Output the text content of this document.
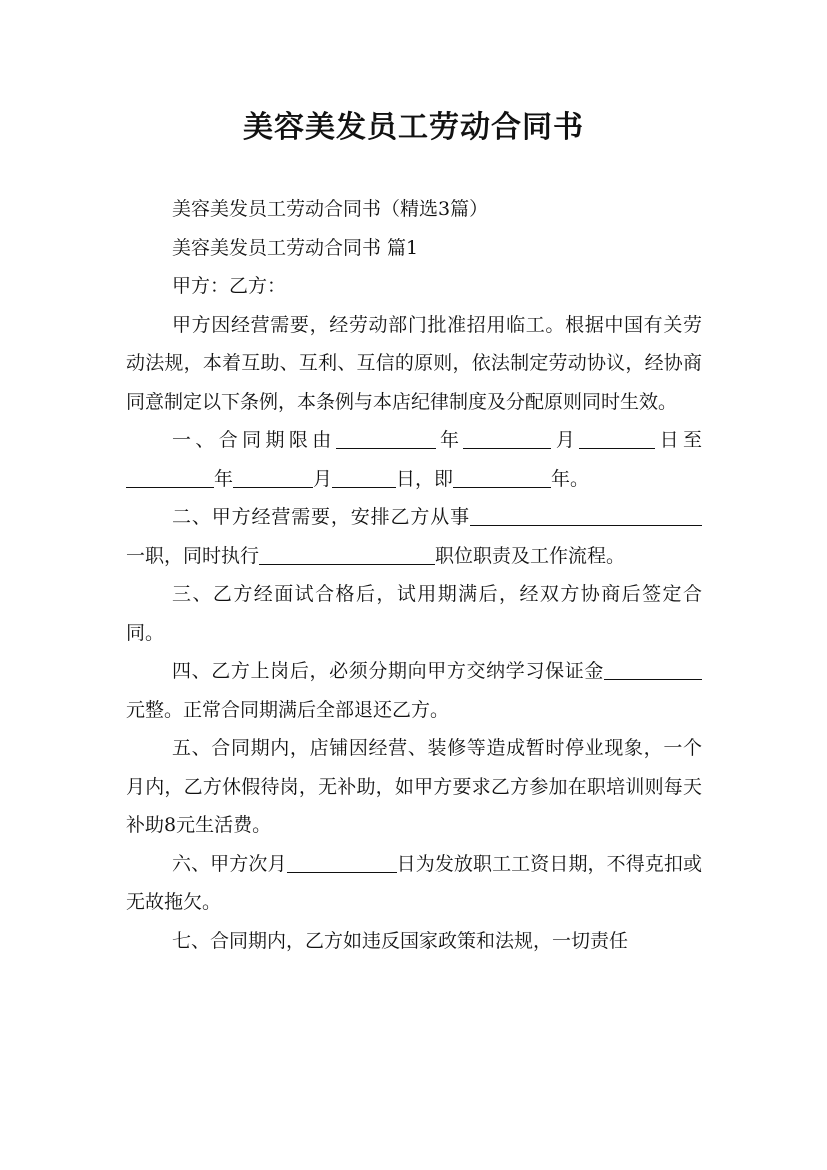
美容美发员工劳动合同书

美容美发员工劳动合同书（精选3篇）

美容美发员工劳动合同书 篇1

甲方：乙方：

甲方因经营需要，经劳动部门批准招用临工。根据中国有关劳动法规，本着互助、互利、互信的原则，依法制定劳动协议，经协商同意制定以下条例，本条例与本店纪律制度及分配原则同时生效。

一、合同期限由	年	月	日至年	月	日，即	年。

二、甲方经营需要，安排乙方从事一职，同时执行	职位职责及工作流程。

三、乙方经面试合格后，试用期满后，经双方协商后签定合同。

四、乙方上岗后，必须分期向甲方交纳学习保证金元整。正常合同期满后全部退还乙方。

五、合同期内，店铺因经营、装修等造成暂时停业现象，一个月内，乙方休假待岗，无补助，如甲方要求乙方参加在职培训则每天补助8元生活费。

六、甲方次月	日为发放职工工资日期，不得克扣或无故拖欠。

七、合同期内，乙方如违反国家政策和法规，一切责任
